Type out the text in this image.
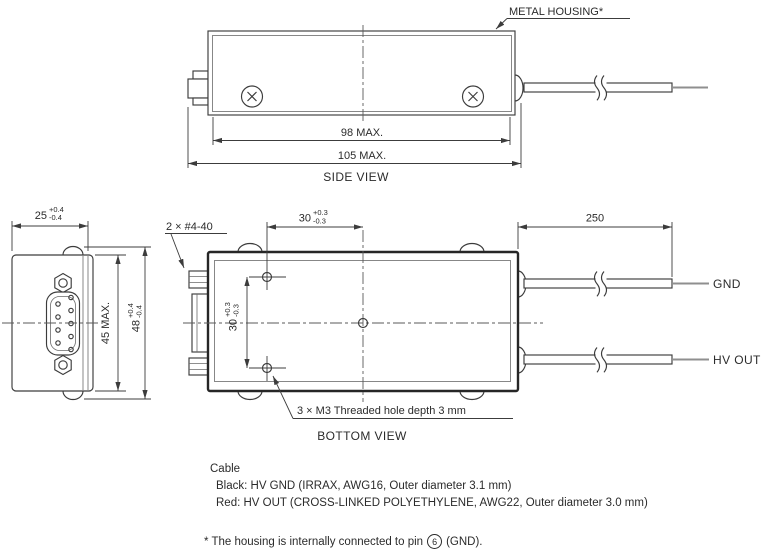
METAL HOUSING*
98 MAX.
105 MAX.
SIDE VIEW
25
+0.4
-0.4
45 MAX. 48
+0.4 -0.4
30 +0.3
-0.3
30
+0.3 -0.3
250
2 × #4-40
3 × M3 Threaded hole depth 3 mm
GND
HV OUT
BOTTOM VIEW
Cable
Black: HV GND (IRRAX, AWG16, Outer diameter 3.1 mm)
Red: HV OUT (CROSS-LINKED POLYETHYLENE, AWG22, Outer diameter 3.0 mm)
* The housing is internally connected to pin 6 (GND).
